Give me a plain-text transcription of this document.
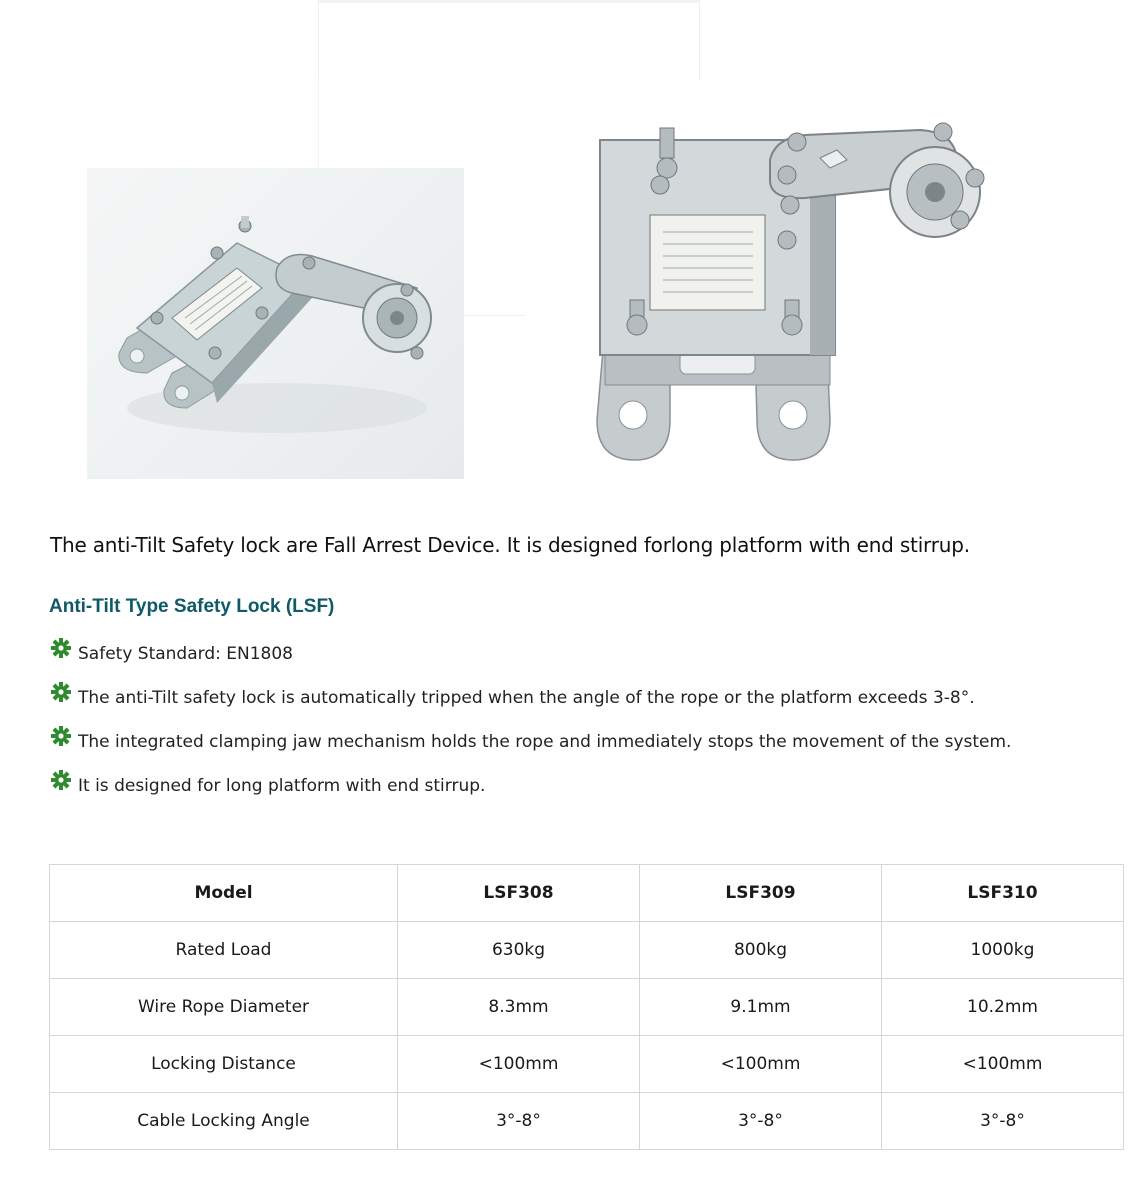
The anti-Tilt Safety lock are Fall Arrest Device. It is designed forlong platform with end stirrup.

Anti-Tilt Type Safety Lock (LSF)
Safety Standard: EN1808
The anti-Tilt safety lock is automatically tripped when the angle of the rope or the platform exceeds 3-8°.
The integrated clamping jaw mechanism holds the rope and immediately stops the movement of the system.
It is designed for long platform with end stirrup.
Model	LSF308	LSF309	LSF310
Rated Load	630kg	800kg	1000kg
Wire Rope Diameter	8.3mm	9.1mm	10.2mm
Locking Distance	<100mm	<100mm	<100mm
Cable Locking Angle	3°-8°	3°-8°	3°-8°
